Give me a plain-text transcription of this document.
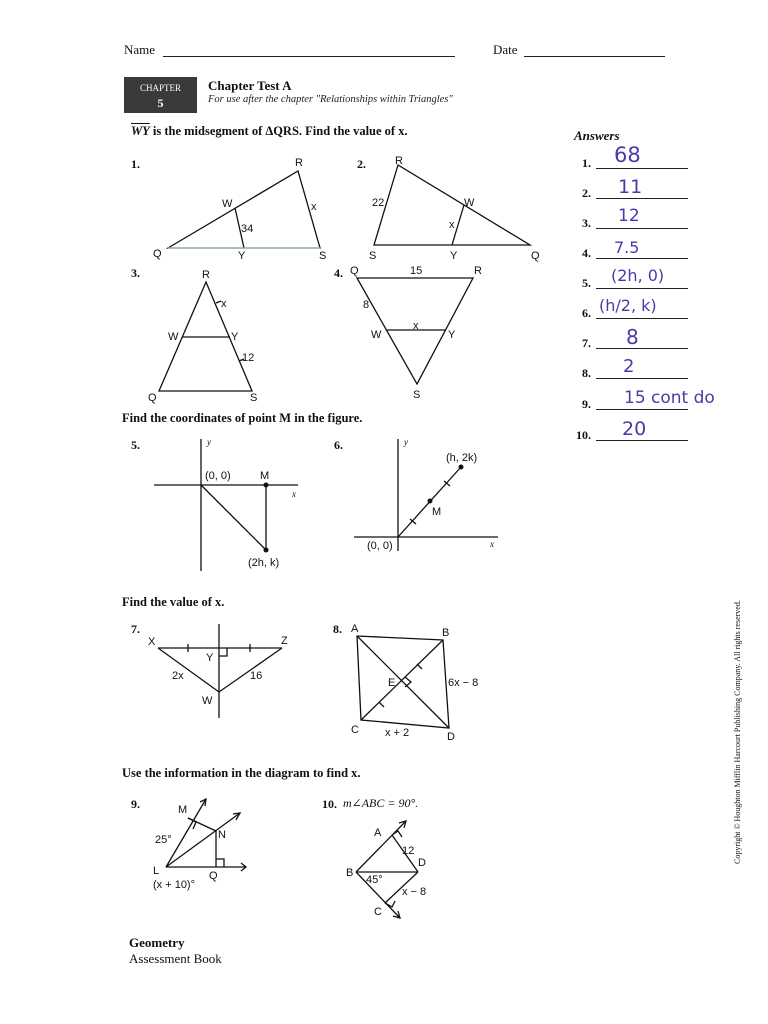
Name	Date
CHAPTER
5
Chapter Test A
For use after the chapter "Relationships within Triangles"
$\overline{WY}$ is the midsegment of ΔQRS. Find the value of x.	Answers
1. 68
2. 11
3. 12
4. 7.5
5. (2h, 0)
6. (h/2, k)
7. 8
8. 2
9. 15 cont do
10. 20
1.	R
W	x
34
Q	Y	S
2.	R
22	W
x
S	Y	Q
3.	R
x
W	Y
12
Q	S
4. Q	15	R
8
W
x
Y
S
Find the coordinates of point M in the figure.
5.	y
(0, 0)	M
x
(2h, k)
6.	y
(h, 2k)
M
(0, 0)	x
Find the value of x.
7.
X	Z
Y
2x	16
W
8. A	B
E	6x − 8
C x + 2	D
Use the information in the diagram to find x.
9.	M
25°	N
L	Q
(x + 10)°
10. m∠ABC = 90°.
A
12
D
B
45°
x − 8
C
Geometry
Assessment Book
Copyright © Houghton Mifflin Harcourt Publishing Company. All rights reserved.
